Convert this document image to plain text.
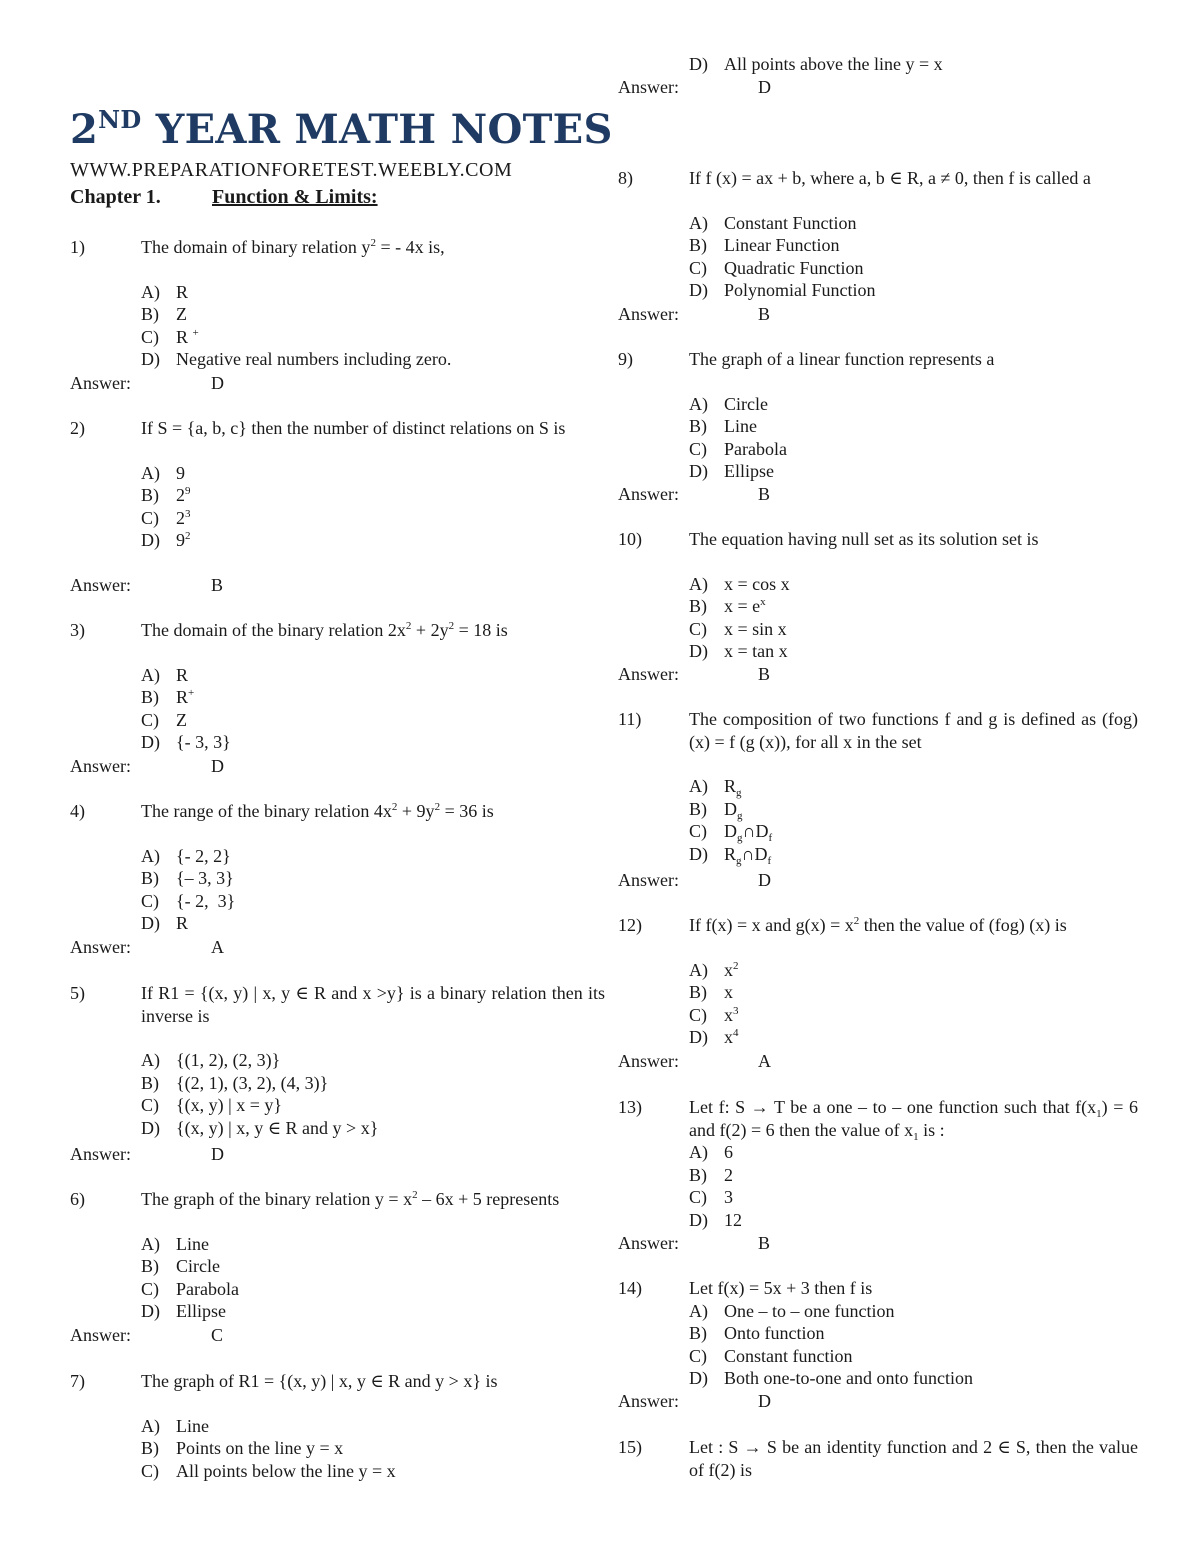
2ND YEAR MATH NOTES
WWW.PREPARATIONFORETEST.WEEBLY.COM
Chapter 1.	Function & Limits:
1)	The domain of binary relation $y^2$ = - 4x is,
A) R
B) Z
C) R +
D) Negative real numbers including zero.
Answer:	D
2)	If S = {a, b, c} then the number of distinct relations on S is
A) 9
B) $2^9$
C) $2^3$
D) $9^2$
Answer:	B
3)	The domain of the binary relation $2x^2 + 2y^2 = 18$ is
A) R
B) R+
C) Z
D) {- 3, 3}
Answer:	D
4)	The range of the binary relation $4x^2 + 9y^2 = 36$ is
A) {- 2, 2}
B) {– 3, 3}
C) {- 2,  3}
D) R
Answer:	A
5)	If R1 = {(x, y) | x, y ∈ R and x >y} is a binary relation then its inverse is
A) {(1, 2), (2, 3)}
B) {(2, 1), (3, 2), (4, 3)}
C) {(x, y) | x = y}
D) {(x, y) | x, y ∈ R and y > x}
Answer:	D
6)	The graph of the binary relation $y = x^2 - 6x + 5$ represents
A) Line
B) Circle
C) Parabola
D) Ellipse
Answer:	C
7)	The graph of R1 = {(x, y) | x, y ∈ R and y > x} is
A) Line
B) Points on the line y = x
C) All points below the line y = x
D) All points above the line y = x
Answer:	D
8)	If f (x) = ax + b, where a, b ∈ R, a ≠ 0, then f is called a
A) Constant Function
B) Linear Function
C) Quadratic Function
D) Polynomial Function
Answer:	B
9)	The graph of a linear function represents a
A) Circle
B) Line
C) Parabola
D) Ellipse
Answer:	B
10)	The equation having null set as its solution set is
A) x = cos x
B) $x = e^x$
C) x = sin x
D) x = tan x
Answer:	B
11)	The composition of two functions f and g is defined as (fog) (x) = f (g (x)), for all x in the set
A) $R_g$
B) $D_g$
C) $D_g\cap D_f$
D) $R_g\cap D_f$
Answer:	D
12)	If f(x) = x and $g(x) = x^2$ then the value of (fog) (x) is
A) $x^2$
B) x
C) $x^3$
D) $x^4$
Answer:	A
13)	Let f: S → T be a one – to – one function such that $f(x_1) = 6$ and f(2) = 6 then the value of $x_1$ is :
A) 6
B) 2
C) 3
D) 12
Answer:	B
14)	Let f(x) = 5x + 3 then f is
A) One – to – one function
B) Onto function
C) Constant function
D) Both one-to-one and onto function
Answer:	D
15)	Let : S → S be an identity function and 2 ∈ S, then the value of f(2) is
